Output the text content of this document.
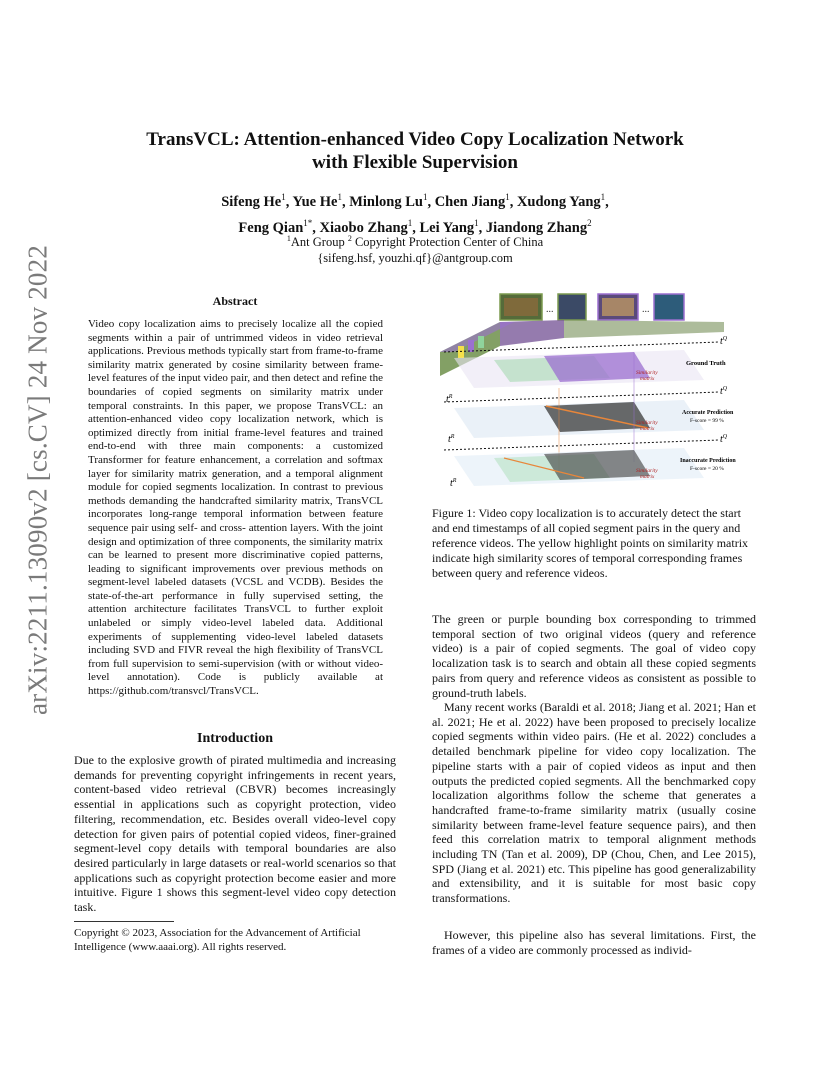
TransVCL: Attention-enhanced Video Copy Localization Network
with Flexible Supervision
Sifeng He$^1$, Yue He$^1$, Minlong Lu$^1$, Chen Jiang$^1$, Xudong Yang$^1$,
Feng Qian$^{1*}$, Xiaobo Zhang$^1$, Lei Yang$^1$, Jiandong Zhang$^2$
$^1$Ant Group $^2$ Copyright Protection Center of China
{sifeng.hsf, youzhi.qf}@antgroup.com
arXiv:2211.13090v2 [cs.CV] 24 Nov 2022	Abstract
Video copy localization aims to precisely localize all the copied segments within a pair of untrimmed videos in video retrieval applications. Previous methods typically start from frame-to-frame similarity matrix generated by cosine similarity between frame-level features of the input video pair, and then detect and refine the boundaries of copied segments on similarity matrix under temporal constraints. In this paper, we propose TransVCL: an attention-enhanced video copy localization network, which is optimized directly from initial frame-level features and trained end-to-end with three main components: a customized Transformer for feature enhancement, a correlation and softmax layer for similarity matrix generation, and a temporal alignment module for copied segments localization. In contrast to previous methods demanding the handcrafted similarity matrix, TransVCL incorporates long-range temporal information between feature sequence pair using self- and cross- attention layers. With the joint design and optimization of three components, the similarity matrix can be learned to present more discriminative copied patterns, leading to significant improvements over previous methods on segment-level labeled datasets (VCSL and VCDB). Besides the state-of-the-art performance in fully supervised setting, the attention architecture facilitates TransVCL to further exploit unlabeled or simply video-level labeled data. Additional experiments of supplementing video-level labeled datasets including SVD and FIVR reveal the high flexibility of TransVCL from full supervision to semi-supervision (with or without video-level annotation). Code is publicly available at https://github.com/transvcl/TransVCL.
Introduction
Due to the explosive growth of pirated multimedia and increasing demands for preventing copyright infringements in recent years, content-based video retrieval (CBVR) becomes increasingly essential in applications such as copyright protection, video filtering, recommendation, etc. Besides overall video-level copy detection for given pairs of potential copied videos, finer-grained segment-level copy details with temporal boundaries are also desired particularly in large datasets or real-world scenarios so that applications such as copyright protection become easier and more intuitive. Figure 1 shows this segment-level video copy detection task.
Copyright © 2023, Association for the Advancement of Artificial Intelligence (www.aaai.org). All rights reserved.
...	...
Similarity
matrix
Similarity
matrix
Similarity
matrix
$t^Q$
$t^Q$
$t^Q$
$t^R$
$t^R$
$t^R$
Ground Truth
Accurate Prediction
F-score = 99 %
Inaccurate Prediction
F-score = 20 %
Figure 1: Video copy localization is to accurately detect the start and end timestamps of all copied segment pairs in the query and reference videos. The yellow highlight points on similarity matrix indicate high similarity scores of temporal corresponding frames between query and reference videos.
The green or purple bounding box corresponding to trimmed temporal section of two original videos (query and reference video) is a pair of copied segments. The goal of video copy localization task is to search and obtain all these copied segments pairs from query and reference videos as consistent as possible to ground-truth labels.
Many recent works (Baraldi et al. 2018; Jiang et al. 2021; Han et al. 2021; He et al. 2022) have been proposed to precisely localize copied segments within video pairs. (He et al. 2022) concludes a detailed benchmark pipeline for video copy localization. The pipeline starts with a pair of copied videos as input and then outputs the predicted copied segments. All the benchmarked copy localization algorithms follow the scheme that generates a handcrafted frame-to-frame similarity matrix (usually cosine similarity between frame-level feature sequence pairs), and then feed this correlation matrix to temporal alignment methods including TN (Tan et al. 2009), DP (Chou, Chen, and Lee 2015), SPD (Jiang et al. 2021) etc. This pipeline has good generalizability and extensibility, and it is suitable for most basic copy transformations.
However, this pipeline also has several limitations. First, the frames of a video are commonly processed as individ-
